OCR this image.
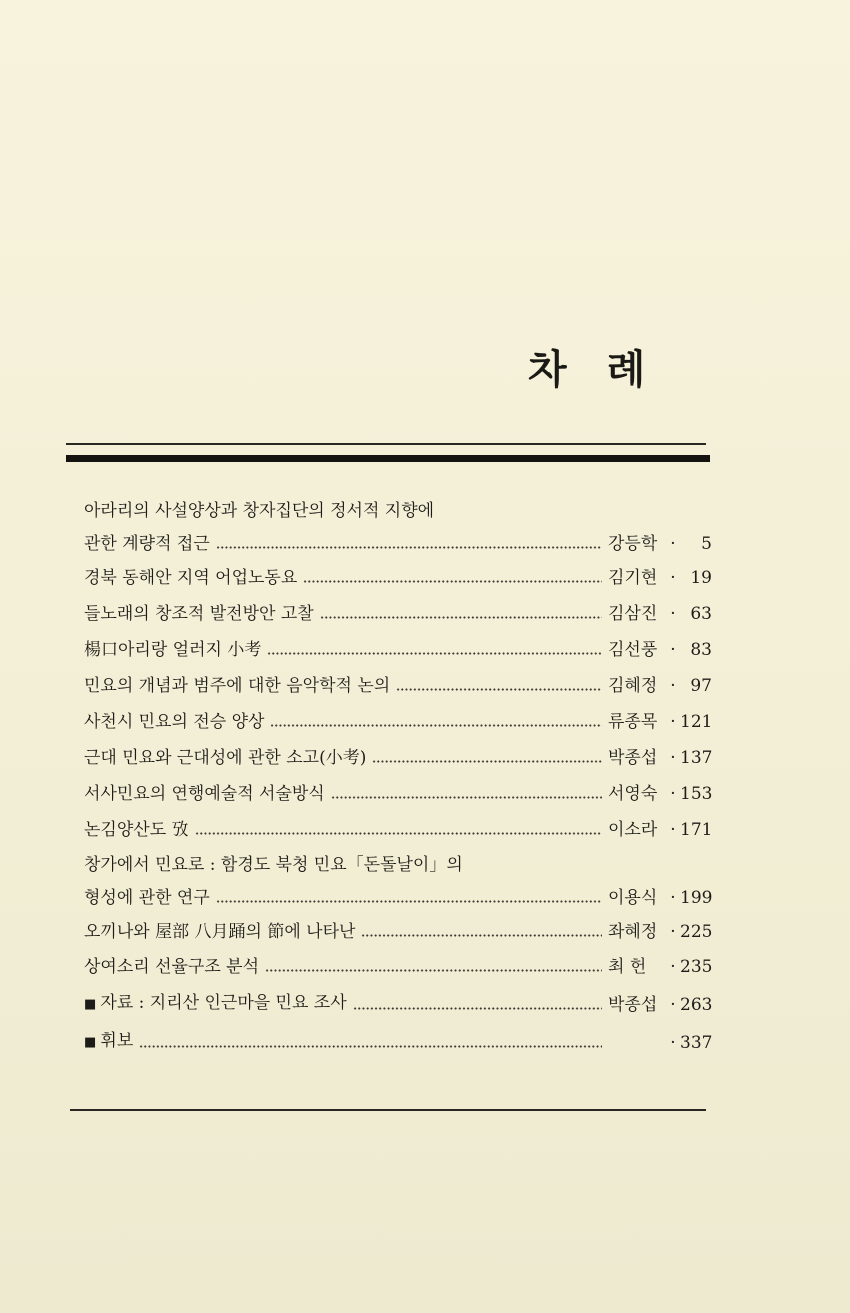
차례
아라리의 사설양상과 창자집단의 정서적 지향에
관한 계량적 접근	강등학 ·	5
경북 동해안 지역 어업노동요	김기현 · 19
들노래의 창조적 발전방안 고찰	김삼진 · 63
楊口아리랑 얼러지 小考	김선풍 · 83
민요의 개념과 범주에 대한 음악학적 논의	김혜정 · 97
사천시 민요의 전승 양상	류종목 · 121
근대 민요와 근대성에 관한 소고(小考)	박종섭 · 137
서사민요의 연행예술적 서술방식	서영숙 · 153
논김양산도 攷	이소라 · 171
창가에서 민요로 : 함경도 북청 민요「돈돌날이」의
형성에 관한 연구	이용식 · 199
오끼나와 屋部 八月踊의 節에 나타난	좌혜정 · 225
상여소리 선율구조 분석	최 헌	· 235
■ 자료 : 지리산 인근마을 민요 조사	박종섭 · 263
■ 휘보	· 337
